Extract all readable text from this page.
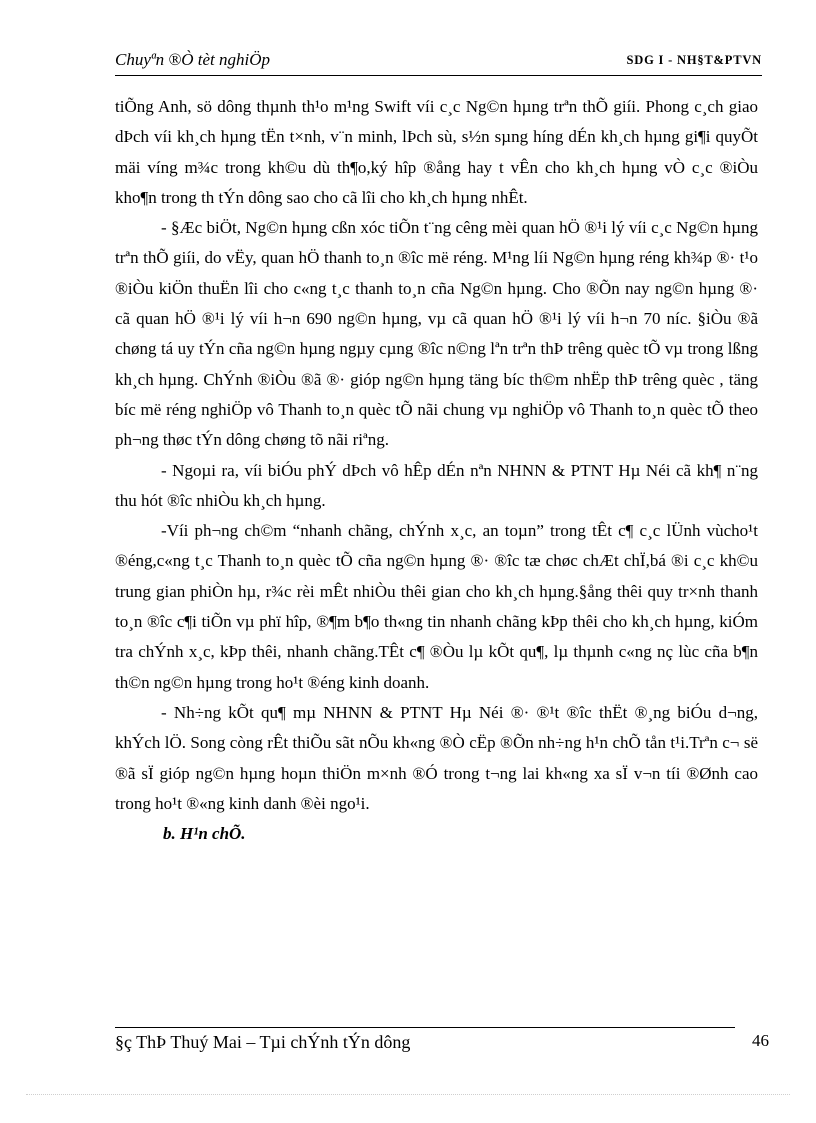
Chuyªn ®Ò tèt nghiÖp	SDG I - NH§T&PTVN

tiÕng Anh, sö dông thµnh th¹o m¹ng Swift víi c¸c Ng©n hµng trªn thÕ giíi. Phong c¸ch giao dÞch víi kh¸ch hµng tËn t×nh, v¨n minh, lÞch sù, s½n sµng híng dÉn kh¸ch hµng gi¶i quyÕt mäi víng m¾c trong kh©u dù th¶o,ký hîp ®ång hay t vÊn cho kh¸ch hµng vÒ c¸c ®iÒu kho¶n trong th tÝn dông sao cho cã lîi cho kh¸ch hµng nhÊt.

- §Æc biÖt, Ng©n hµng cßn xóc tiÕn t¨ng cêng mèi quan hÖ ®¹i lý víi c¸c Ng©n hµng trªn thÕ giíi, do vËy, quan hÖ thanh to¸n ®îc më réng. M¹ng líi Ng©n hµng réng kh¾p ®· t¹o ®iÒu kiÖn thuËn lîi cho c«ng t¸c thanh to¸n cña Ng©n hµng. Cho ®Õn nay ng©n hµng ®· cã quan hÖ ®¹i lý víi h¬n 690 ng©n hµng, vµ cã quan hÖ ®¹i lý víi h¬n 70 níc. §iÒu ®ã chøng tá uy tÝn cña ng©n hµng ngµy cµng ®îc n©ng lªn trªn thÞ trêng quèc tÕ vµ trong lßng kh¸ch hµng. ChÝnh ®iÒu ®ã ®· gióp ng©n hµng täng bíc th©m nhËp thÞ trêng quèc , täng bíc më réng nghiÖp vô Thanh to¸n quèc tÕ nãi chung vµ nghiÖp vô Thanh to¸n quèc tÕ theo ph¬ng thøc tÝn dông chøng tõ nãi riªng.

- Ngoµi ra, víi biÓu phÝ dÞch vô hÊp dÉn nªn NHNN & PTNT Hµ Néi cã kh¶ n¨ng thu hót ®îc nhiÒu kh¸ch hµng.

-Víi ph¬ng ch©m “nhanh chãng, chÝnh x¸c, an toµn” trong tÊt c¶ c¸c lÜnh vùcho¹t ®éng,c«ng t¸c Thanh to¸n quèc tÕ cña ng©n hµng ®· ®îc tæ chøc chÆt chÏ,bá ®i c¸c kh©u trung gian phiÒn hµ, r¾c rèi mÊt nhiÒu thêi gian cho kh¸ch hµng.§ång thêi quy tr×nh thanh to¸n ®îc c¶i tiÕn vµ phï hîp, ®¶m b¶o th«ng tin nhanh chãng kÞp thêi cho kh¸ch hµng, kiÓm tra chÝnh x¸c, kÞp thêi, nhanh chãng.TÊt c¶ ®Òu lµ kÕt qu¶, lµ thµnh c«ng nç lùc cña b¶n th©n ng©n hµng trong ho¹t ®éng kinh doanh.

- Nh÷ng kÕt qu¶ mµ NHNN & PTNT Hµ Néi ®· ®¹t ®îc thËt ®¸ng biÓu d¬ng, khÝch lÖ. Song còng rÊt thiÕu sãt nÕu kh«ng ®Ò cËp ®Õn nh÷ng h¹n chÕ tån t¹i.Trªn c¬ së ®ã sÏ gióp ng©n hµng hoµn thiÖn m×nh ®Ó trong t¬ng lai kh«ng xa sÏ v¬n tíi ®Ønh cao trong ho¹t ®«ng kinh danh ®èi ngo¹i.

b. H¹n chÕ.

§ç ThÞ Thuý Mai – Tµi chÝnh tÝn dông	46
